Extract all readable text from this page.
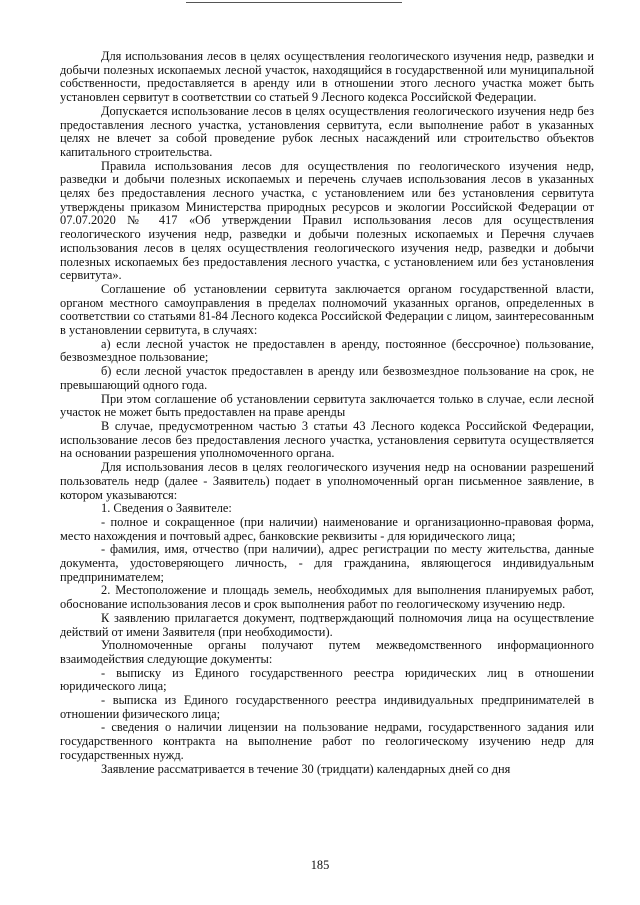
Для использования лесов в целях осуществления геологического изучения недр, разведки и добычи полезных ископаемых лесной участок, находящийся в государственной или муниципальной собственности, предоставляется в аренду или в отношении этого лесного участка может быть установлен сервитут в соответствии со статьей 9 Лесного кодекса Российской Федерации.

Допускается использование лесов в целях осуществления геологического изучения недр без предоставления лесного участка, установления сервитута, если выполнение работ в указанных целях не влечет за собой проведение рубок лесных насаждений или строительство объектов капитального строительства.

Правила использования лесов для осуществления по геологического изучения недр, разведки и добычи полезных ископаемых и перечень случаев использования лесов в указанных целях без предоставления лесного участка, с установлением или без установления сервитута утверждены приказом Министерства природных ресурсов и экологии Российской Федерации от 07.07.2020 № 417 «Об утверждении Правил использования лесов для осуществления геологического изучения недр, разведки и добычи полезных ископаемых и Перечня случаев использования лесов в целях осуществления геологического изучения недр, разведки и добычи полезных ископаемых без предоставления лесного участка, с установлением или без установления сервитута».

Соглашение об установлении сервитута заключается органом государственной власти, органом местного самоуправления в пределах полномочий указанных органов, определенных в соответствии со статьями 81-84 Лесного кодекса Российской Федерации с лицом, заинтересованным в установлении сервитута, в случаях:

а) если лесной участок не предоставлен в аренду, постоянное (бессрочное) пользование, безвозмездное пользование;

б) если лесной участок предоставлен в аренду или безвозмездное пользование на срок, не превышающий одного года.

При этом соглашение об установлении сервитута заключается только в случае, если лесной участок не может быть предоставлен на праве аренды

В случае, предусмотренном частью 3 статьи 43 Лесного кодекса Российской Федерации, использование лесов без предоставления лесного участка, установления сервитута осуществляется на основании разрешения уполномоченного органа.

Для использования лесов в целях геологического изучения недр на основании разрешений пользователь недр (далее - Заявитель) подает в уполномоченный орган письменное заявление, в котором указываются:

1. Сведения о Заявителе:

- полное и сокращенное (при наличии) наименование и организационно-правовая форма, место нахождения и почтовый адрес, банковские реквизиты - для юридического лица;

- фамилия, имя, отчество (при наличии), адрес регистрации по месту жительства, данные документа, удостоверяющего личность, - для гражданина, являющегося индивидуальным предпринимателем;

2. Местоположение и площадь земель, необходимых для выполнения планируемых работ, обоснование использования лесов и срок выполнения работ по геологическому изучению недр.

К заявлению прилагается документ, подтверждающий полномочия лица на осуществление действий от имени Заявителя (при необходимости).

Уполномоченные органы получают путем межведомственного информационного взаимодействия следующие документы:

- выписку из Единого государственного реестра юридических лиц в отношении юридического лица;

- выписка из Единого государственного реестра индивидуальных предпринимателей в отношении физического лица;

- сведения о наличии лицензии на пользование недрами, государственного задания или государственного контракта на выполнение работ по геологическому изучению недр для государственных нужд.

Заявление рассматривается в течение 30 (тридцати) календарных дней со дня

185
